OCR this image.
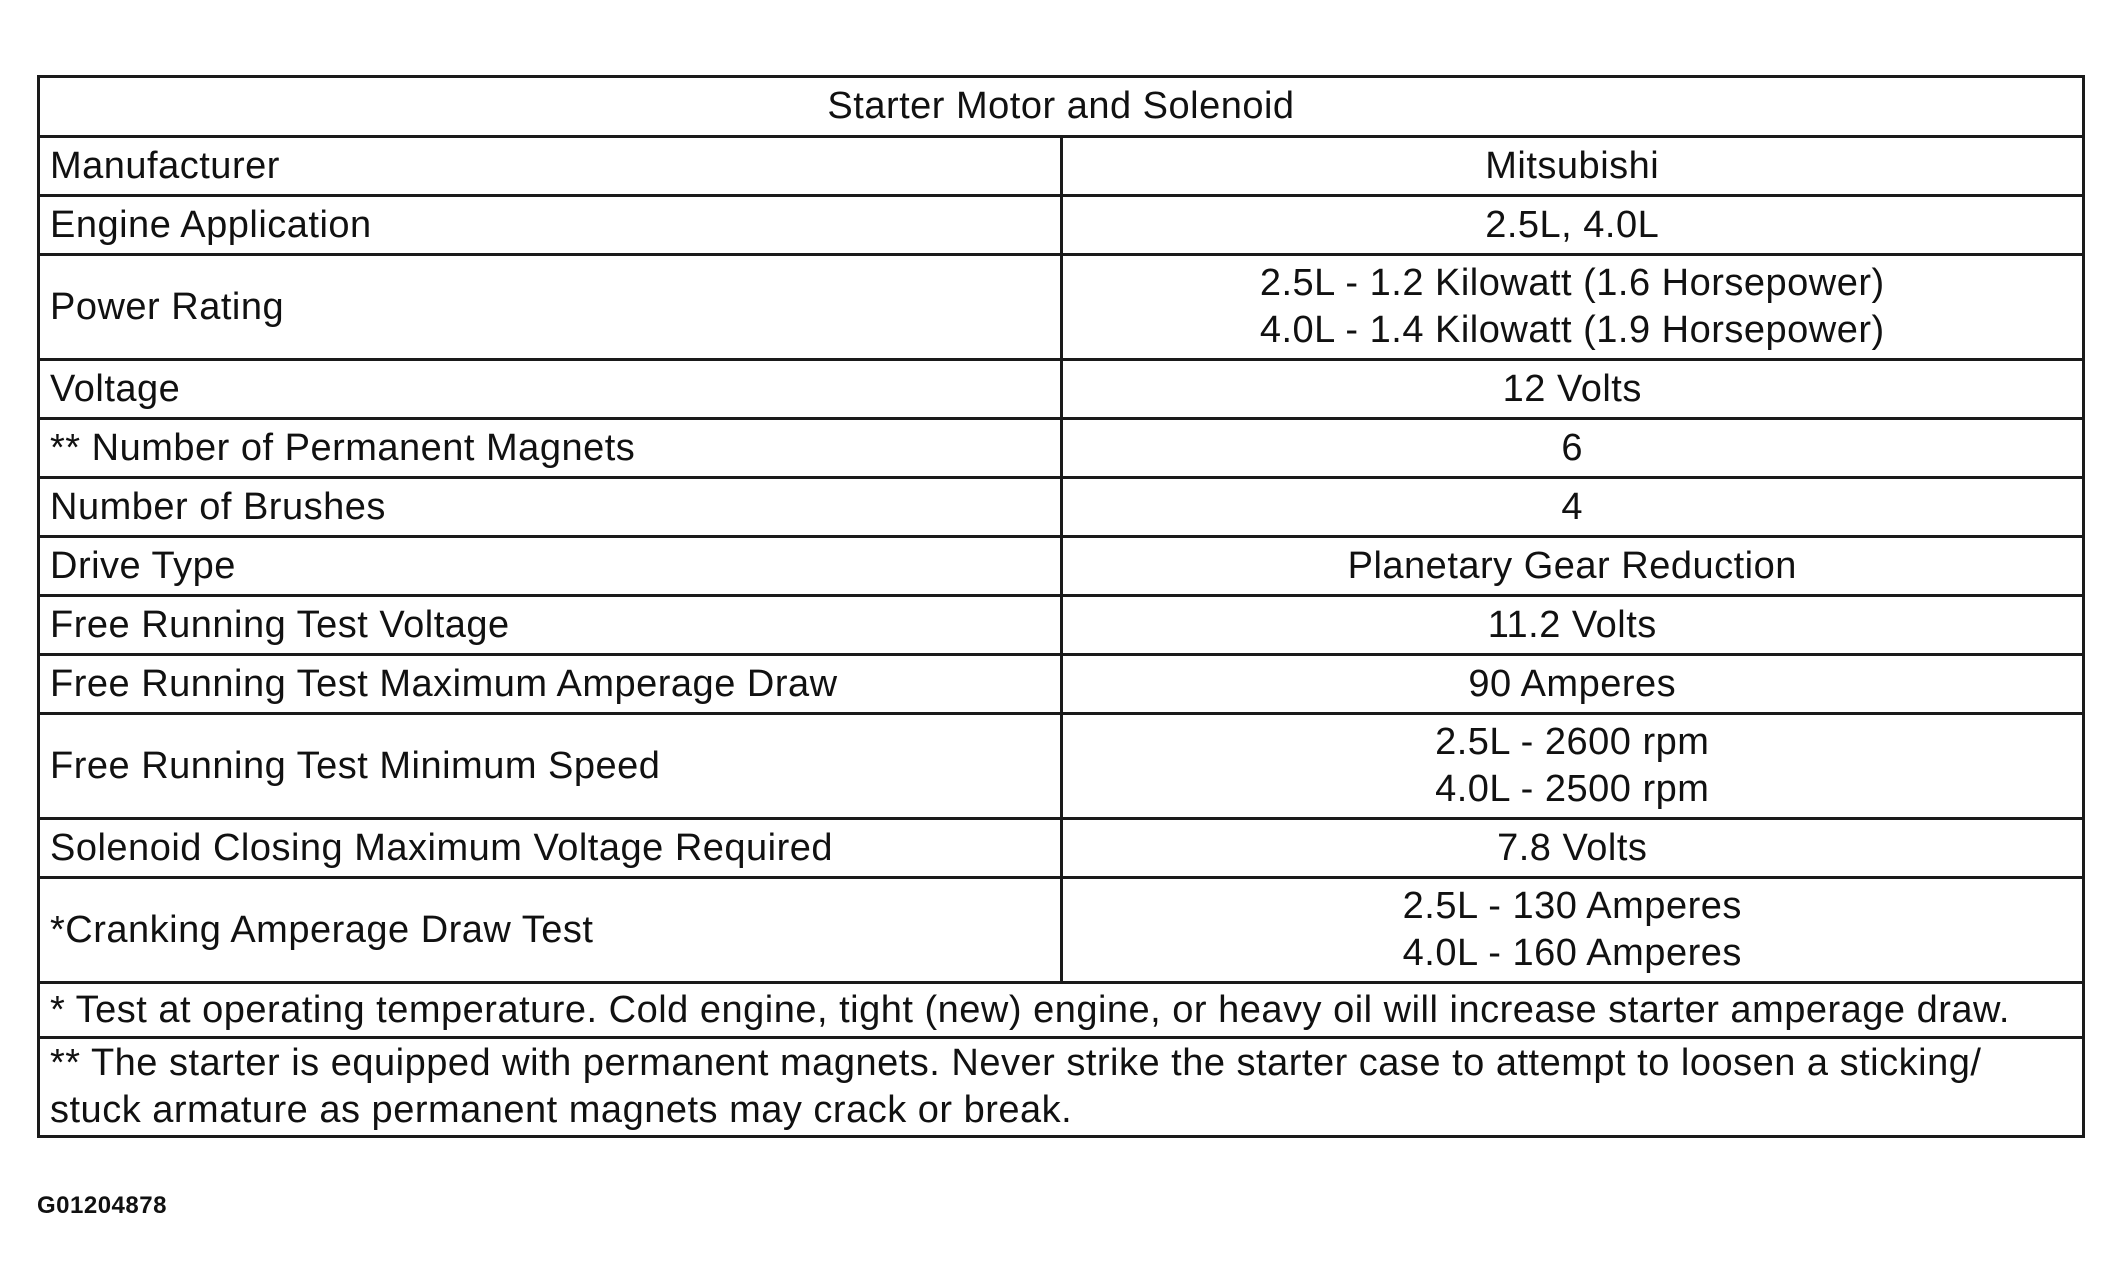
Starter Motor and Solenoid	
Manufacturer	Mitsubishi

Engine Application	2.5L, 4.0L

Power Rating	2.5L - 1.2 Kilowatt (1.6 Horsepower)
4.0L - 1.4 Kilowatt (1.9 Horsepower)

Voltage	12 Volts

** Number of Permanent Magnets	6

Number of Brushes	4

Drive Type	Planetary Gear Reduction

Free Running Test Voltage	11.2 Volts

Free Running Test Maximum Amperage Draw	90 Amperes

Free Running Test Minimum Speed	2.5L - 2600 rpm
4.0L - 2500 rpm

Solenoid Closing Maximum Voltage Required	7.8 Volts

*Cranking Amperage Draw Test	2.5L - 130 Amperes
4.0L - 160 Amperes

* Test at operating temperature. Cold engine, tight (new) engine, or heavy oil will increase starter amperage draw.	
** The starter is equipped with permanent magnets. Never strike the starter case to attempt to loosen a sticking/ stuck armature as permanent magnets may crack or break.	
G01204878
